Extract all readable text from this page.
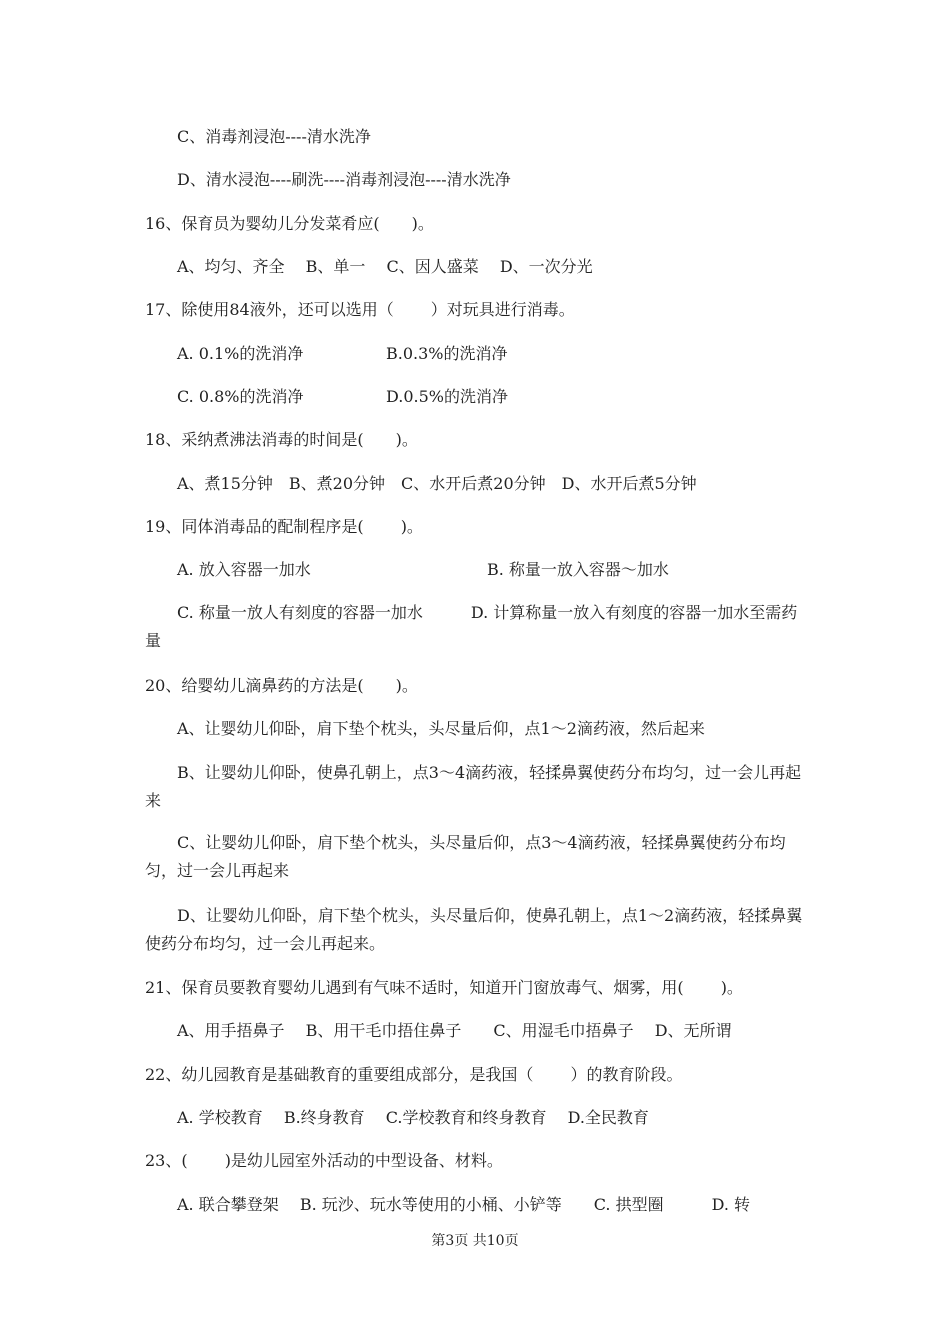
C、消毒剂浸泡----清水洗净
D、清水浸泡----刷洗----消毒剂浸泡----清水洗净
16、保育员为婴幼儿分发菜肴应(　　)。
A、均匀、齐全　 B、单一　 C、因人盛菜　 D、一次分光
17、除使用84液外，还可以选用（　　 ）对玩具进行消毒。
A. 0.1%的洗消净	B.0.3%的洗消净
C. 0.8%的洗消净	D.0.5%的洗消净
18、采纳煮沸法消毒的时间是(　　)。
A、煮15分钟　B、煮20分钟　C、水开后煮20分钟　D、水开后煮5分钟
19、同体消毒品的配制程序是(　　 )。
A. 放入容器一加水	B. 称量一放入容器～加水
C. 称量一放人有刻度的容器一加水　　　D. 计算称量一放入有刻度的容器一加水至需药量
20、给婴幼儿滴鼻药的方法是(　　)。
A、让婴幼儿仰卧，肩下垫个枕头，头尽量后仰，点1～2滴药液，然后起来
B、让婴幼儿仰卧，使鼻孔朝上，点3～4滴药液，轻揉鼻翼使药分布均匀，过一会儿再起来
C、让婴幼儿仰卧，肩下垫个枕头，头尽量后仰，点3～4滴药液，轻揉鼻翼使药分布均匀，过一会儿再起来
D、让婴幼儿仰卧，肩下垫个枕头，头尽量后仰，使鼻孔朝上，点1～2滴药液，轻揉鼻翼使药分布均匀，过一会儿再起来。
21、保育员要教育婴幼儿遇到有气味不适时，知道开门窗放毒气、烟雾，用(　　 )。
A、用手捂鼻子　 B、用干毛巾捂住鼻子　　C、用湿毛巾捂鼻子　 D、无所谓
22、幼儿园教育是基础教育的重要组成部分，是我国（　　 ）的教育阶段。
A. 学校教育　 B.终身教育　 C.学校教育和终身教育　 D.全民教育
23、(　　 )是幼儿园室外活动的中型设备、材料。
A. 联合攀登架　 B. 玩沙、玩水等使用的小桶、小铲等　　C. 拱型圈　　　D. 转
第3页 共10页
